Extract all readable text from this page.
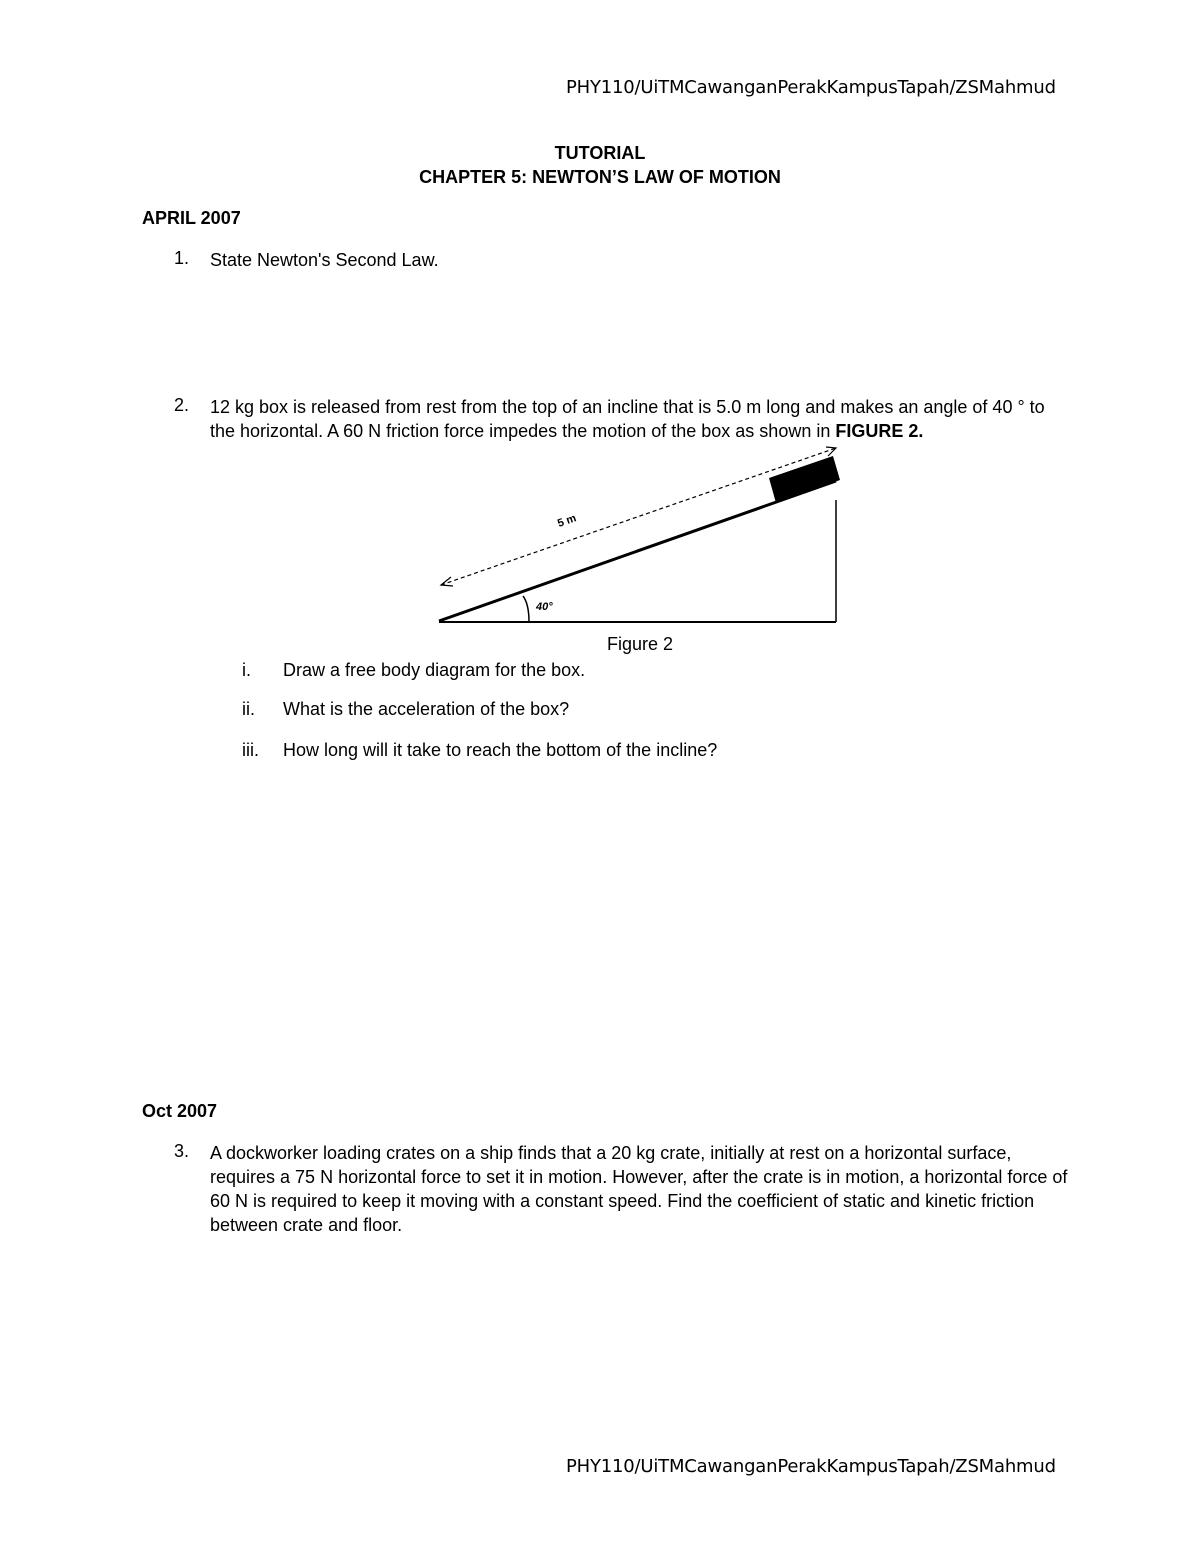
PHY110/UiTMCawanganPerakKampusTapah/ZSMahmud
TUTORIAL
CHAPTER 5: NEWTON’S LAW OF MOTION
APRIL 2007
1. State Newton's Second Law.
2. 12 kg box is released from rest from the top of an incline that is 5.0 m long and makes an angle of 40 ° to the horizontal. A 60 N friction force impedes the motion of the box as shown in FIGURE 2.
5 m
40°
Figure 2
i. Draw a free body diagram for the box.
ii. What is the acceleration of the box?
iii. How long will it take to reach the bottom of the incline?
Oct 2007
3. A dockworker loading crates on a ship finds that a 20 kg crate, initially at rest on a horizontal surface, requires a 75 N horizontal force to set it in motion. However, after the crate is in motion, a horizontal force of 60 N is required to keep it moving with a constant speed. Find the coefficient of static and kinetic friction between crate and floor.
PHY110/UiTMCawanganPerakKampusTapah/ZSMahmud
